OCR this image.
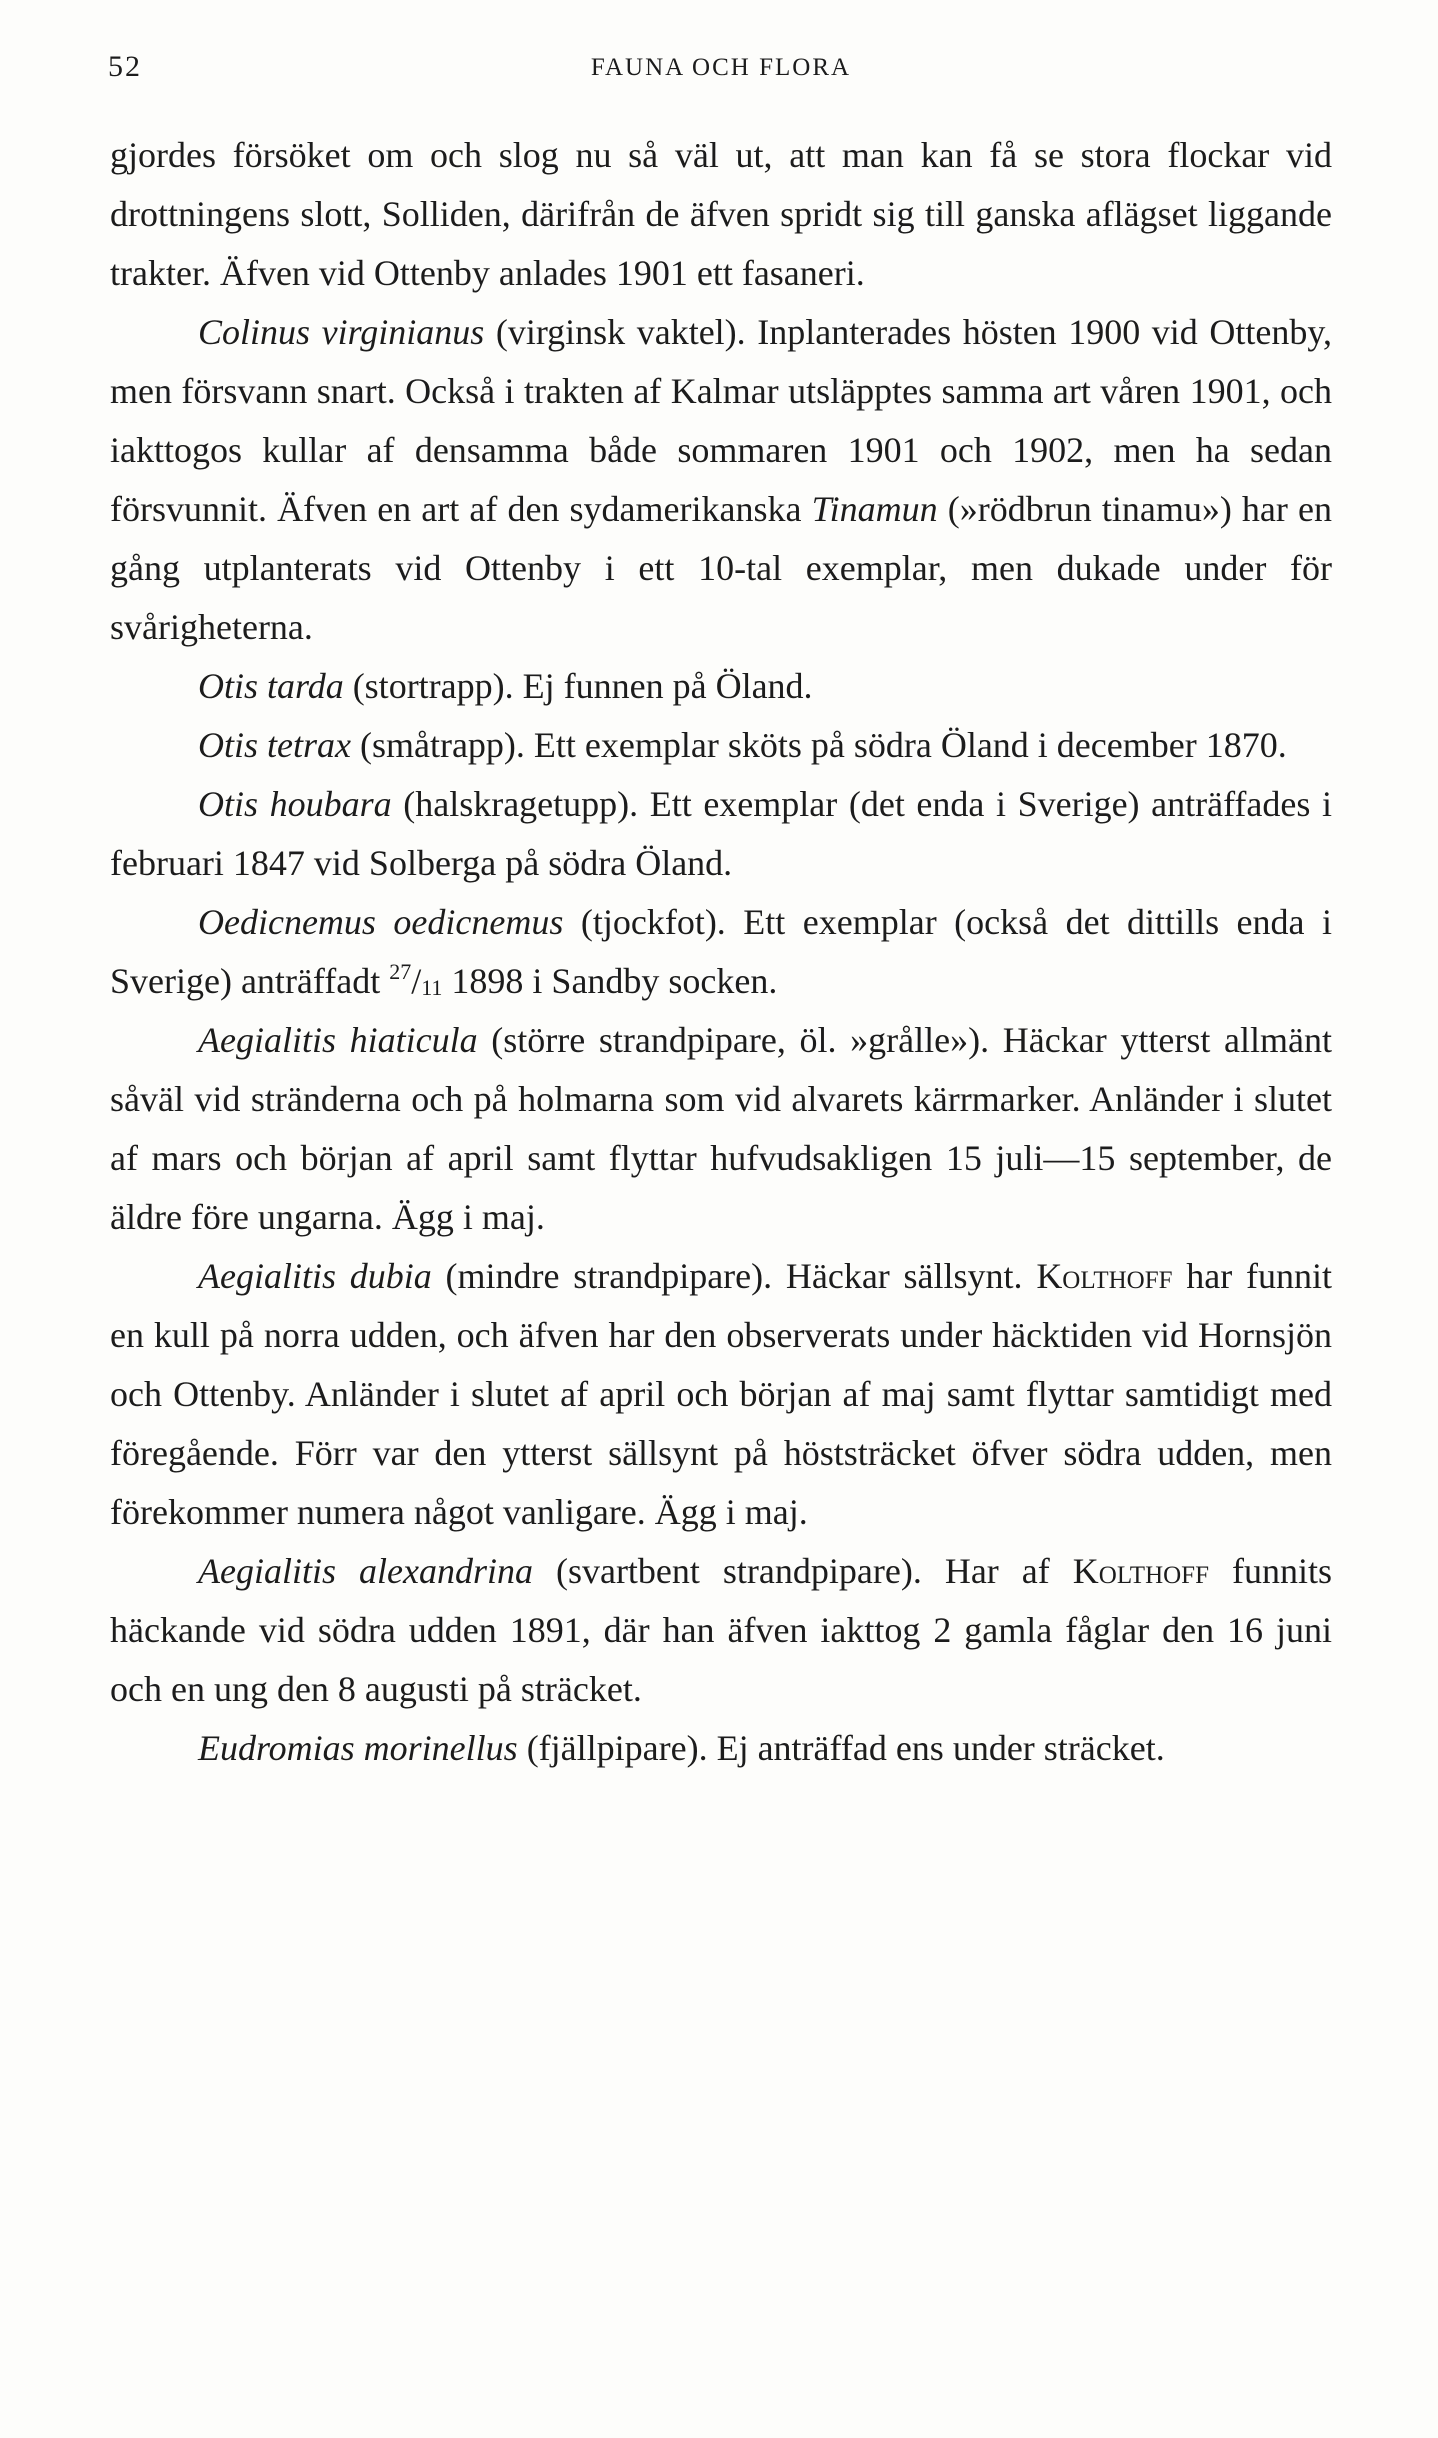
52	FAUNA OCH FLORA

gjordes försöket om och slog nu så väl ut, att man kan få se stora flockar vid drottningens slott, Solliden, därifrån de äfven spridt sig till ganska aflägset liggande trakter. Äfven vid Ottenby anlades 1901 ett fasaneri.

Colinus virginianus (virginsk vaktel). Inplanterades hösten 1900 vid Ottenby, men försvann snart. Också i trakten af Kalmar utsläpptes samma art våren 1901, och iakttogos kullar af densamma både sommaren 1901 och 1902, men ha sedan försvunnit. Äfven en art af den sydamerikanska Tinamun (»rödbrun tinamu») har en gång utplanterats vid Ottenby i ett 10-tal exemplar, men dukade under för svårigheterna.

Otis tarda (stortrapp). Ej funnen på Öland.

Otis tetrax (småtrapp). Ett exemplar sköts på södra Öland i december 1870.

Otis houbara (halskragetupp). Ett exemplar (det enda i Sverige) anträffades i februari 1847 vid Solberga på södra Öland.

Oedicnemus oedicnemus (tjockfot). Ett exemplar (också det dittills enda i Sverige) anträffadt $^{27}/_{11}$ 1898 i Sandby socken.

Aegialitis hiaticula (större strandpipare, öl. »grålle»). Häckar ytterst allmänt såväl vid stränderna och på holmarna som vid alvarets kärrmarker. Anländer i slutet af mars och början af april samt flyttar hufvudsakligen 15 juli—15 september, de äldre före ungarna. Ägg i maj.

Aegialitis dubia (mindre strandpipare). Häckar sällsynt. Kolthoff har funnit en kull på norra udden, och äfven har den observerats under häcktiden vid Hornsjön och Ottenby. Anländer i slutet af april och början af maj samt flyttar samtidigt med föregående. Förr var den ytterst sällsynt på höststräcket öfver södra udden, men förekommer numera något vanligare. Ägg i maj.

Aegialitis alexandrina (svartbent strandpipare). Har af Kolthoff funnits häckande vid södra udden 1891, där han äfven iakttog 2 gamla fåglar den 16 juni och en ung den 8 augusti på sträcket.

Eudromias morinellus (fjällpipare). Ej anträffad ens under sträcket.
